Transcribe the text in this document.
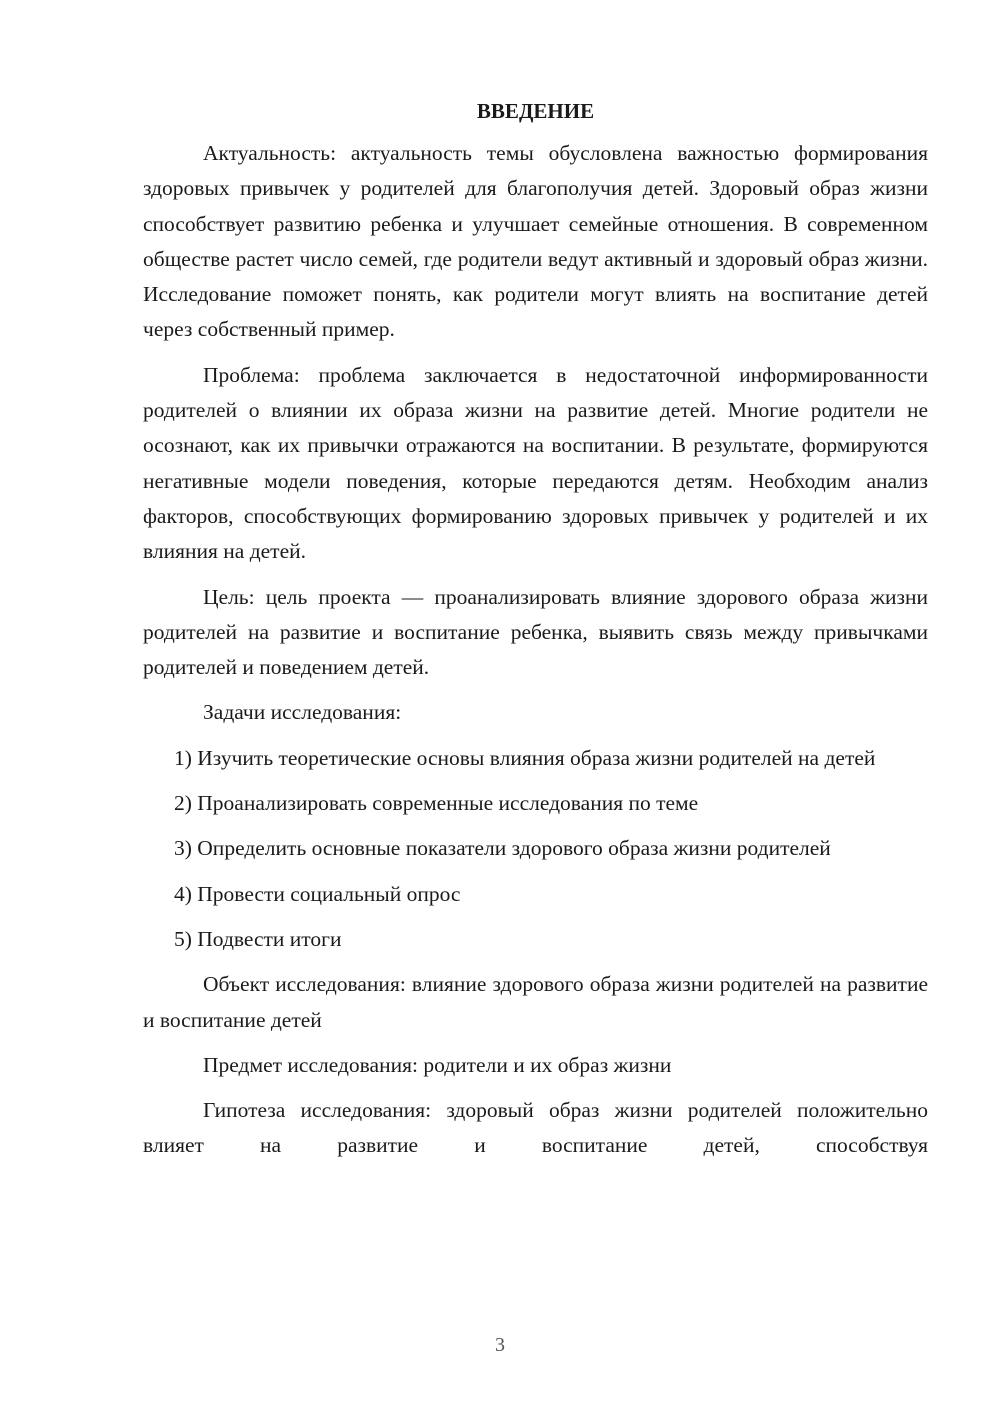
ВВЕДЕНИЕ

Актуальность: актуальность темы обусловлена важностью формирования здоровых привычек у родителей для благополучия детей. Здоровый образ жизни способствует развитию ребенка и улучшает семейные отношения. В современном обществе растет число семей, где родители ведут активный и здоровый образ жизни. Исследование поможет понять, как родители могут влиять на воспитание детей через собственный пример.

Проблема: проблема заключается в недостаточной информированности родителей о влиянии их образа жизни на развитие детей. Многие родители не осознают, как их привычки отражаются на воспитании. В результате, формируются негативные модели поведения, которые передаются детям. Необходим анализ факторов, способствующих формированию здоровых привычек у родителей и их влияния на детей.

Цель: цель проекта — проанализировать влияние здорового образа жизни родителей на развитие и воспитание ребенка, выявить связь между привычками родителей и поведением детей.

Задачи исследования:

1) Изучить теоретические основы влияния образа жизни родителей на детей

2) Проанализировать современные исследования по теме

3) Определить основные показатели здорового образа жизни родителей

4) Провести социальный опрос

5) Подвести итоги

Объект исследования: влияние здорового образа жизни родителей на развитие и воспитание детей

Предмет исследования: родители и их образ жизни

Гипотеза исследования: здоровый образ жизни родителей положительно влияет на развитие и воспитание детей, способствуя

3
